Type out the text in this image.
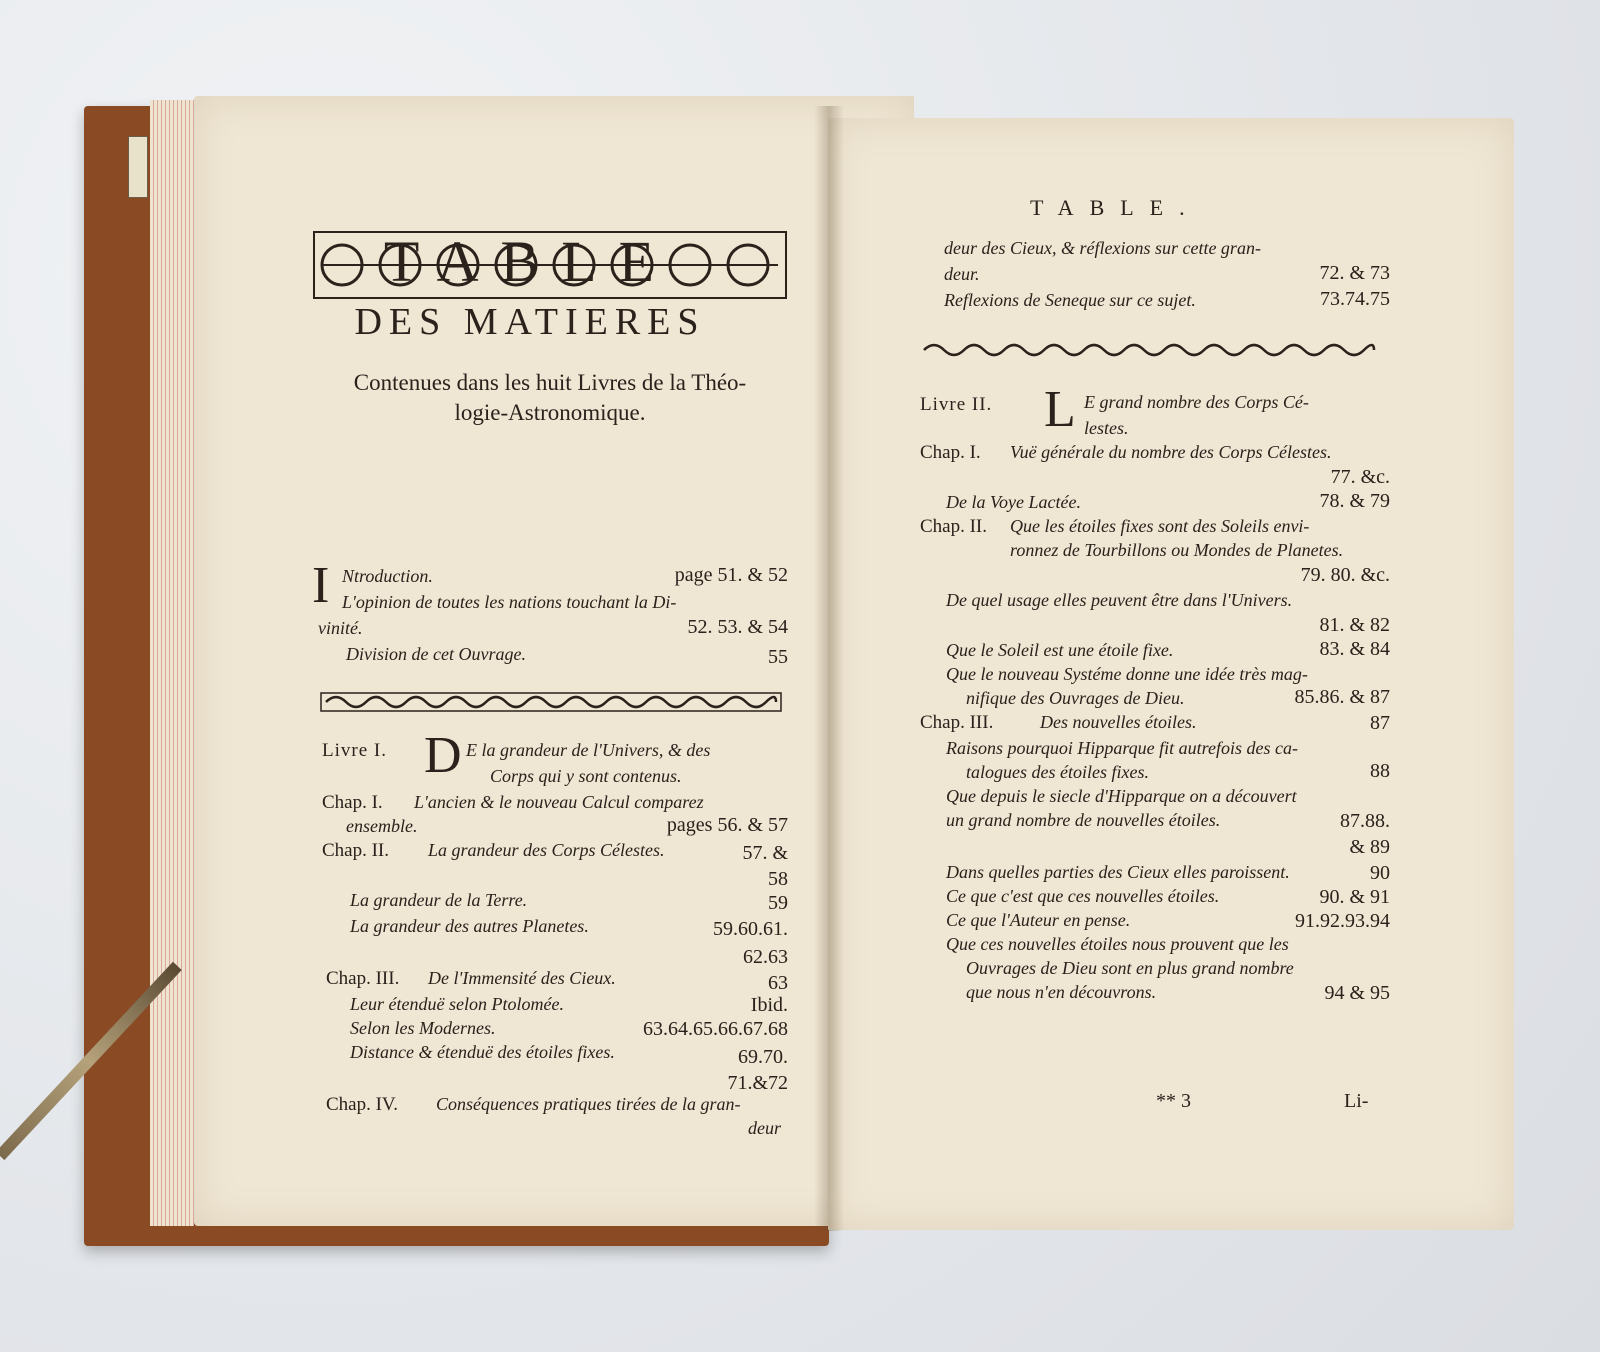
TABLE
DES MATIERES
Contenues dans les huit Livres de la Théo-
logie-Astronomique.
I Ntroduction.	page 51. & 52
L'opinion de toutes les nations touchant la Di-
vinité.	52. 53. & 54
Division de cet Ouvrage.	55
Livre I. D E la grandeur de l'Univers, & des
Corps qui y sont contenus.
Chap. I. L'ancien & le nouveau Calcul comparez
ensemble.	pages 56. & 57
Chap. II. La grandeur des Corps Célestes.	57. &
58
La grandeur de la Terre.	59
La grandeur des autres Planetes.	59.60.61.
62.63
Chap. III. De l'Immensité des Cieux.	63
Leur étenduë selon Ptolomée.	Ibid.
Selon les Modernes.	63.64.65.66.67.68
Distance & étenduë des étoiles fixes.	69.70.
71.&72
Chap. IV. Conséquences pratiques tirées de la gran-
deur
TABLE.
deur des Cieux, & réflexions sur cette gran-
deur.	72. & 73
Reflexions de Seneque sur ce sujet.	73.74.75
Livre II. L E grand nombre des Corps Cé-
lestes.
Chap. I. Vuë générale du nombre des Corps Célestes.
77. &c.
De la Voye Lactée.	78. & 79
Chap. II. Que les étoiles fixes sont des Soleils envi-
ronnez de Tourbillons ou Mondes de Planetes.
79. 80. &c.
De quel usage elles peuvent être dans l'Univers.
81. & 82
Que le Soleil est une étoile fixe.	83. & 84
Que le nouveau Systéme donne une idée très mag-
nifique des Ouvrages de Dieu.	85.86. & 87
Chap. III.	Des nouvelles étoiles.	87
Raisons pourquoi Hipparque fit autrefois des ca-
talogues des étoiles fixes.	88
Que depuis le siecle d'Hipparque on a découvert
un grand nombre de nouvelles étoiles.	87.88.
& 89
Dans quelles parties des Cieux elles paroissent.	90
Ce que c'est que ces nouvelles étoiles.	90. & 91
Ce que l'Auteur en pense.	91.92.93.94
Que ces nouvelles étoiles nous prouvent que les
Ouvrages de Dieu sont en plus grand nombre
que nous n'en découvrons.	94 & 95
** 3	Li-
